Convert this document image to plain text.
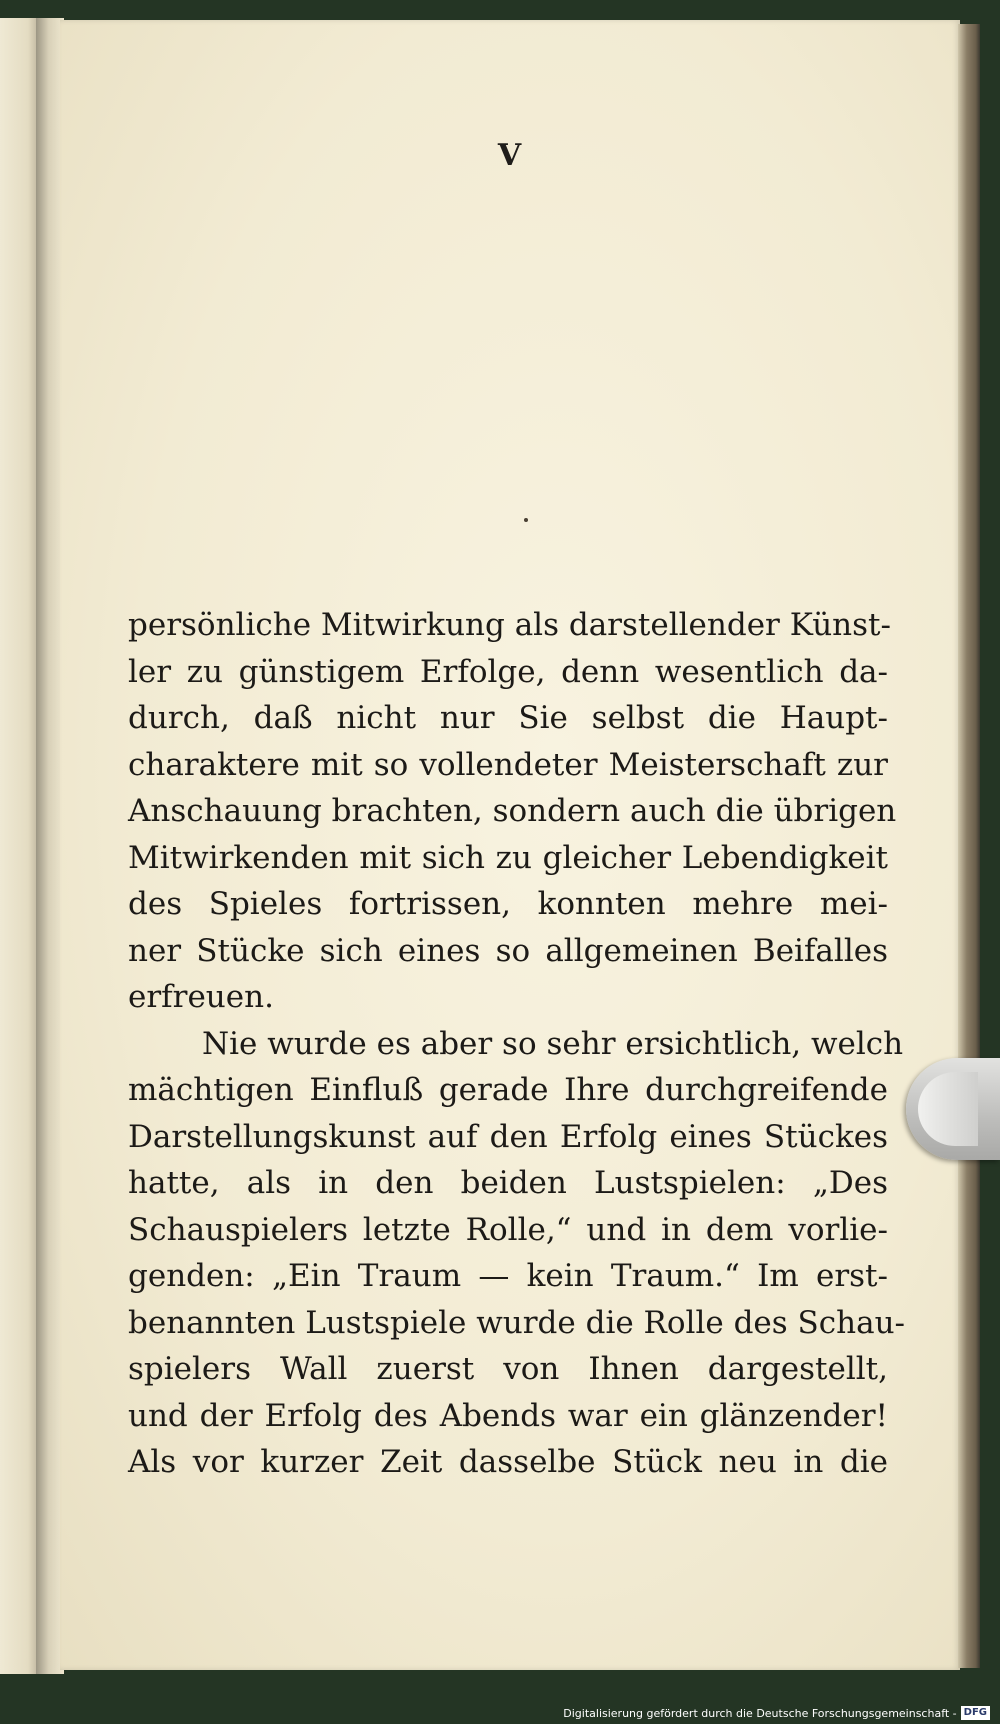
V
persönliche Mitwirkung als darstellender Künst-
ler zu günstigem Erfolge, denn wesentlich da-
durch, daß nicht nur Sie selbst die Haupt-
charaktere mit so vollendeter Meisterschaft zur
Anschauung brachten, sondern auch die übrigen
Mitwirkenden mit sich zu gleicher Lebendigkeit
des Spieles fortrissen, konnten mehre mei-
ner Stücke sich eines so allgemeinen Beifalles
erfreuen.
Nie wurde es aber so sehr ersichtlich, welch
mächtigen Einfluß gerade Ihre durchgreifende
Darstellungskunst auf den Erfolg eines Stückes
hatte, als in den beiden Lustspielen: „Des
Schauspielers letzte Rolle,“ und in dem vorlie-
genden: „Ein Traum — kein Traum.“ Im erst-
benannten Lustspiele wurde die Rolle des Schau-
spielers Wall zuerst von Ihnen dargestellt,
und der Erfolg des Abends war ein glänzender!
Als vor kurzer Zeit dasselbe Stück neu in die
Digitalisierung gefördert durch die Deutsche Forschungsgemeinschaft - DFG
